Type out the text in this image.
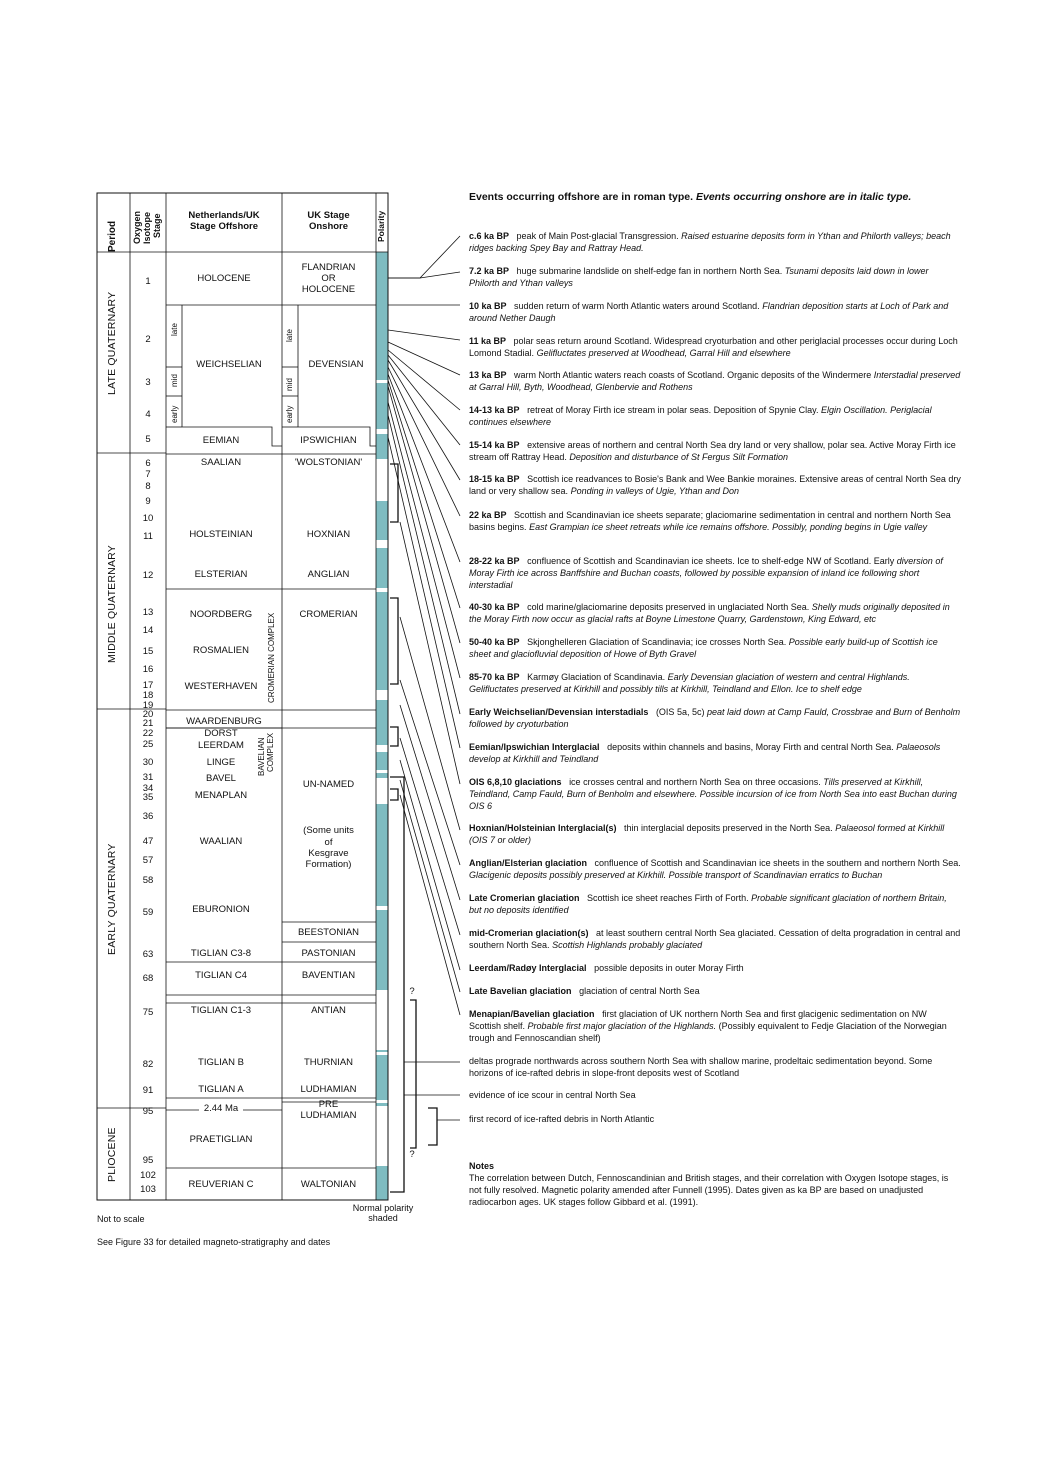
Period Oxygen Isotope Stage	Netherlands/UK
Stage Offshore
UK Stage
Onshore	Polarity
LATE QUATERNARY
MIDDLE QUATERNARY
EARLY QUATERNARY
PLIOCENE
1
2
3
4
5
6
7
8
9
10
11
12
13
14
15
16
17
18
19
20
21
22
25
30
31
34
35
36
47
57
58
59
63
68
75
82
91
95
95
102
103
HOLOCENE
WEICHSELIAN
EEMIAN
SAALIAN
HOLSTEINIAN
ELSTERIAN
NOORDBERG
ROSMALIEN
WESTERHAVEN
WAARDENBURG
DORST
LEERDAM
LINGE
BAVEL
MENAPLAN
WAALIAN
EBURONION
TIGLIAN C3-8
TIGLIAN C4
TIGLIAN C1-3
TIGLIAN B
TIGLIAN A
2.44 Ma
PRAETIGLIAN
REUVERIAN C
FLANDRIAN
OR
HOLOCENE
DEVENSIAN
IPSWICHIAN
'WOLSTONIAN'
HOXNIAN
ANGLIAN
CROMERIAN
UN-NAMED
(Some units
of
Kesgrave
Formation)
BEESTONIAN
PASTONIAN
BAVENTIAN
ANTIAN
THURNIAN
LUDHAMIAN
PRE
LUDHAMIAN
WALTONIAN
late
mid
early
late
mid
early
CROMERIAN COMPLEX
BAVELIAN COMPLEX
?
?
Events occurring offshore are in roman type. Events occurring onshore are in italic type.
c.6 ka BP peak of Main Post-glacial Transgression. Raised estuarine deposits form in Ythan and Philorth valleys; beach ridges backing Spey Bay and Rattray Head.
7.2 ka BP huge submarine landslide on shelf-edge fan in northern North Sea. Tsunami deposits laid down in lower Philorth and Ythan valleys
10 ka BP sudden return of warm North Atlantic waters around Scotland. Flandrian deposition starts at Loch of Park and around Nether Daugh
11 ka BP polar seas return around Scotland. Widespread cryoturbation and other periglacial processes occur during Loch Lomond Stadial. Gelifluctates preserved at Woodhead, Garral Hill and elsewhere
13 ka BP warm North Atlantic waters reach coasts of Scotland. Organic deposits of the Windermere Interstadial preserved at Garral Hill, Byth, Woodhead, Glenbervie and Rothens
14-13 ka BP retreat of Moray Firth ice stream in polar seas. Deposition of Spynie Clay. Elgin Oscillation. Periglacial continues elsewhere
15-14 ka BP extensive areas of northern and central North Sea dry land or very shallow, polar sea. Active Moray Firth ice stream off Rattray Head. Deposition and disturbance of St Fergus Silt Formation
18-15 ka BP Scottish ice readvances to Bosie's Bank and Wee Bankie moraines. Extensive areas of central North Sea dry land or very shallow sea. Ponding in valleys of Ugie, Ythan and Don
22 ka BP Scottish and Scandinavian ice sheets separate; glaciomarine sedimentation in central and northern North Sea basins begins. East Grampian ice sheet retreats while ice remains offshore. Possibly, ponding begins in Ugie valley
28-22 ka BP confluence of Scottish and Scandinavian ice sheets. Ice to shelf-edge NW of Scotland. Early diversion of Moray Firth ice across Banffshire and Buchan coasts, followed by possible expansion of inland ice following short interstadial
40-30 ka BP cold marine/glaciomarine deposits preserved in unglaciated North Sea. Shelly muds originally deposited in the Moray Firth now occur as glacial rafts at Boyne Limestone Quarry, Gardenstown, King Edward, etc
50-40 ka BP Skjonghelleren Glaciation of Scandinavia; ice crosses North Sea. Possible early build-up of Scottish ice sheet and glaciofluvial deposition of Howe of Byth Gravel
85-70 ka BP Karmøy Glaciation of Scandinavia. Early Devensian glaciation of western and central Highlands. Gelifluctates preserved at Kirkhill and possibly tills at Kirkhill, Teindland and Ellon. Ice to shelf edge
Early Weichselian/Devensian interstadials (OIS 5a, 5c) peat laid down at Camp Fauld, Crossbrae and Burn of Benholm followed by cryoturbation
Eemian/Ipswichian Interglacial deposits within channels and basins, Moray Firth and central North Sea. Palaeosols develop at Kirkhill and Teindland
OIS 6,8,10 glaciations ice crosses central and northern North Sea on three occasions. Tills preserved at Kirkhill, Teindland, Camp Fauld, Burn of Benholm and elsewhere. Possible incursion of ice from North Sea into east Buchan during OIS 6
Hoxnian/Holsteinian Interglacial(s) thin interglacial deposits preserved in the North Sea. Palaeosol formed at Kirkhill (OIS 7 or older)
Anglian/Elsterian glaciation confluence of Scottish and Scandinavian ice sheets in the southern and northern North Sea. Glacigenic deposits possibly preserved at Kirkhill. Possible transport of Scandinavian erratics to Buchan
Late Cromerian glaciation Scottish ice sheet reaches Firth of Forth. Probable significant glaciation of northern Britain, but no deposits identified
mid-Cromerian glaciation(s) at least southern central North Sea glaciated. Cessation of delta progradation in central and southern North Sea. Scottish Highlands probably glaciated
Leerdam/Radøy Interglacial possible deposits in outer Moray Firth
Late Bavelian glaciation glaciation of central North Sea
Menapian/Bavelian glaciation first glaciation of UK northern North Sea and first glacigenic sedimentation on NW Scottish shelf. Probable first major glaciation of the Highlands. (Possibly equivalent to Fedje Glaciation of the Norwegian trough and Fennoscandian shelf)
deltas prograde northwards across southern North Sea with shallow marine, prodeltaic sedimentation beyond. Some horizons of ice-rafted debris in slope-front deposits west of Scotland
evidence of ice scour in central North Sea
first record of ice-rafted debris in North Atlantic
Notes
The correlation between Dutch, Fennoscandinian and British stages, and their correlation with Oxygen Isotope stages, is not fully resolved. Magnetic polarity amended after Funnell (1995). Dates given as ka BP are based on unadjusted radiocarbon ages. UK stages follow Gibbard et al. (1991).
Normal polarity
shaded
Not to scale
See Figure 33 for detailed magneto-stratigraphy and dates
